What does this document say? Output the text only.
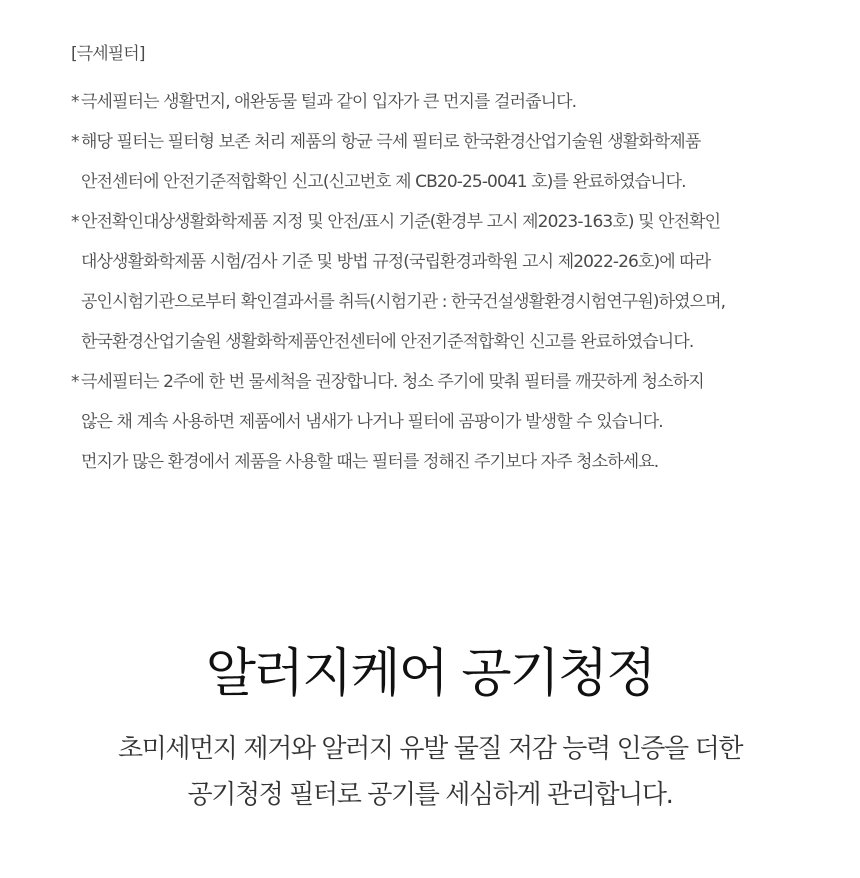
[극세필터]
* 극세필터는 생활먼지, 애완동물 털과 같이 입자가 큰 먼지를 걸러줍니다.
* 해당 필터는 필터형 보존 처리 제품의 항균 극세 필터로 한국환경산업기술원 생활화학제품
안전센터에 안전기준적합확인 신고(신고번호 제 CB20-25-0041 호)를 완료하였습니다.
* 안전확인대상생활화학제품 지정 및 안전/표시 기준(환경부 고시 제2023-163호) 및 안전확인
대상생활화학제품 시험/검사 기준 및 방법 규정(국립환경과학원 고시 제2022-26호)에 따라
공인시험기관으로부터 확인결과서를 취득(시험기관 : 한국건설생활환경시험연구원)하였으며,
한국환경산업기술원 생활화학제품안전센터에 안전기준적합확인 신고를 완료하였습니다.
* 극세필터는 2주에 한 번 물세척을 권장합니다. 청소 주기에 맞춰 필터를 깨끗하게 청소하지
않은 채 계속 사용하면 제품에서 냄새가 나거나 필터에 곰팡이가 발생할 수 있습니다.
먼지가 많은 환경에서 제품을 사용할 때는 필터를 정해진 주기보다 자주 청소하세요.
알러지케어 공기청정
초미세먼지 제거와 알러지 유발 물질 저감 능력 인증을 더한
공기청정 필터로 공기를 세심하게 관리합니다.
